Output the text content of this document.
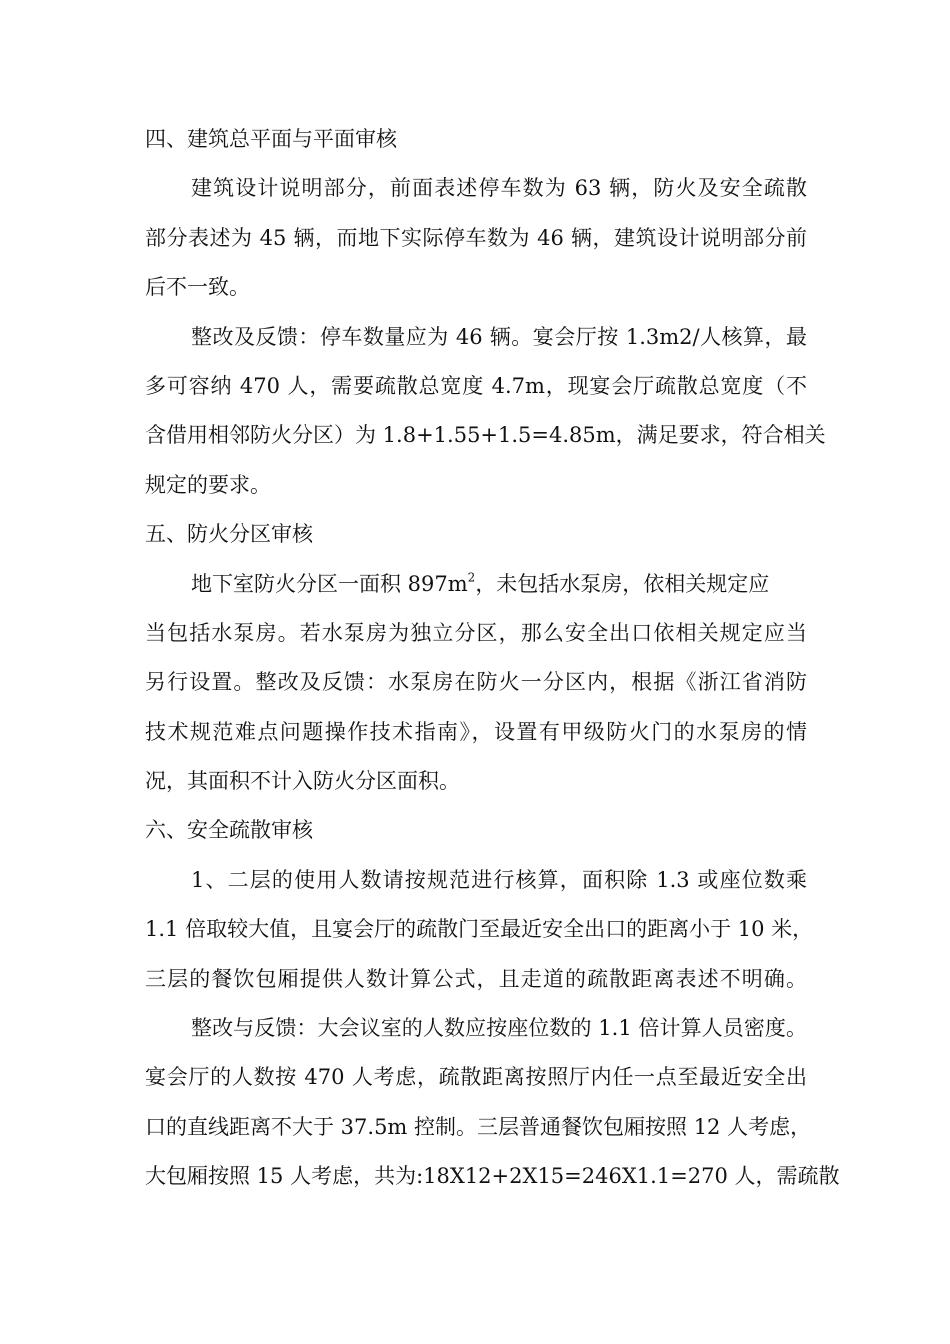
四、建筑总平面与平面审核
建筑设计说明部分，前面表述停车数为 63 辆，防火及安全疏散
部分表述为 45 辆，而地下实际停车数为 46 辆，建筑设计说明部分前
后不一致。
整改及反馈：停车数量应为 46 辆。宴会厅按 1.3m2/人核算，最
多可容纳 470 人，需要疏散总宽度 4.7m，现宴会厅疏散总宽度（不
含借用相邻防火分区）为 1.8+1.55+1.5=4.85m，满足要求，符合相关
规定的要求。
五、防火分区审核
地下室防火分区一面积 $897m^2$，未包括水泵房，依相关规定应
当包括水泵房。若水泵房为独立分区，那么安全出口依相关规定应当
另行设置。整改及反馈：水泵房在防火一分区内，根据《浙江省消防
技术规范难点问题操作技术指南》，设置有甲级防火门的水泵房的情
况，其面积不计入防火分区面积。
六、安全疏散审核
1、二层的使用人数请按规范进行核算，面积除 1.3 或座位数乘
1.1 倍取较大值，且宴会厅的疏散门至最近安全出口的距离小于 10 米，
三层的餐饮包厢提供人数计算公式，且走道的疏散距离表述不明确。
整改与反馈：大会议室的人数应按座位数的 1.1 倍计算人员密度。
宴会厅的人数按 470 人考虑，疏散距离按照厅内任一点至最近安全出
口的直线距离不大于 37.5m 控制。三层普通餐饮包厢按照 12 人考虑，
大包厢按照 15 人考虑，共为:18X12+2X15=246X1.1=270 人，需疏散
